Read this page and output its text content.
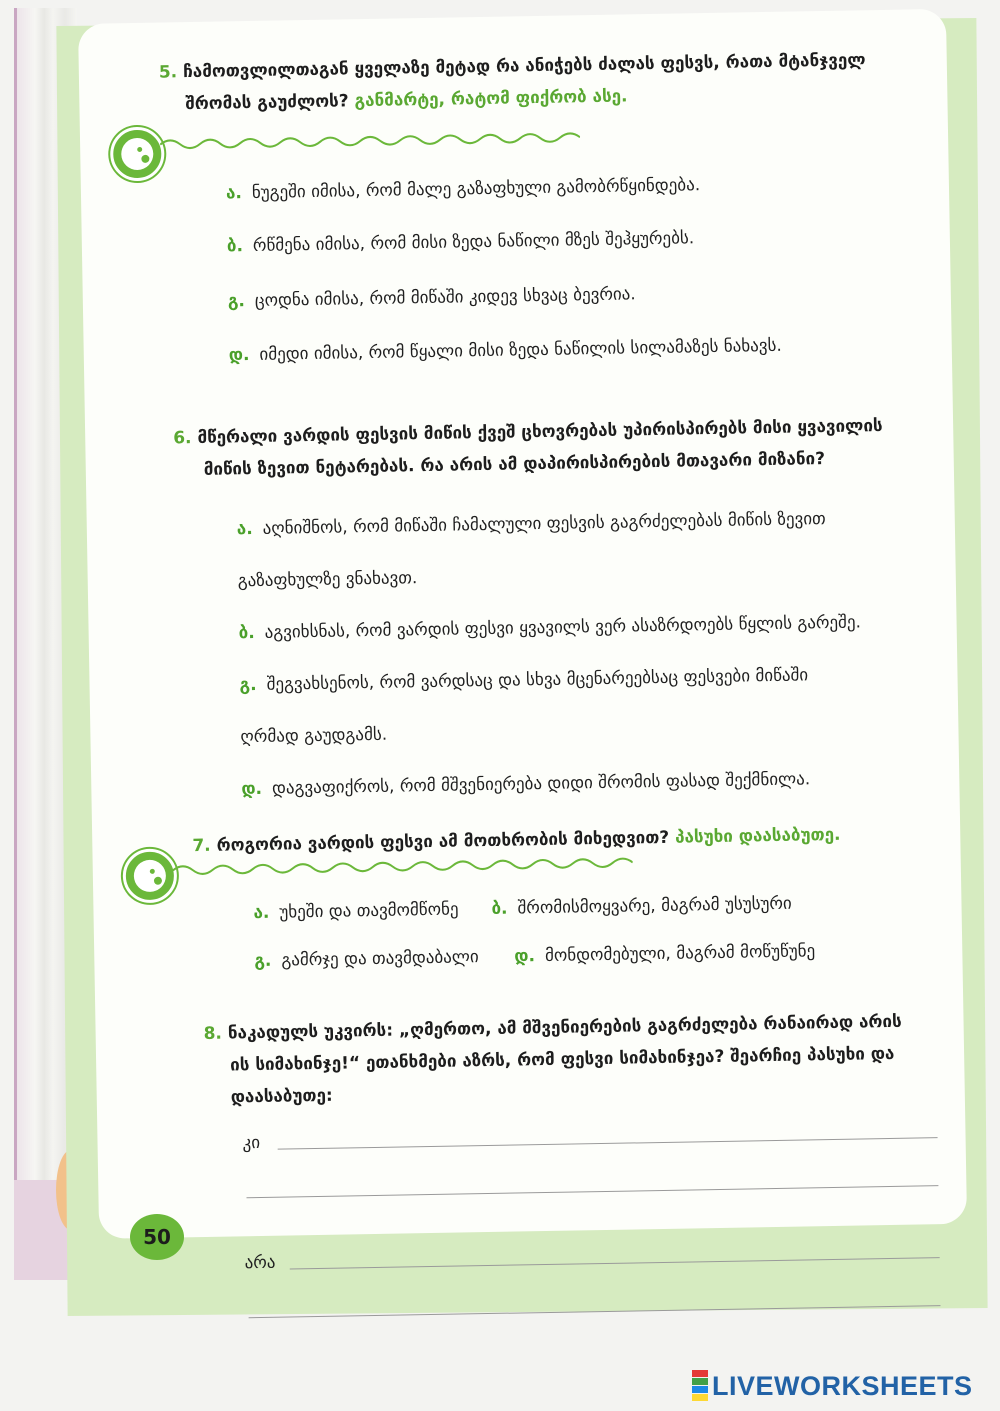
5. ჩამოთვლილთაგან ყველაზე მეტად რა ანიჭებს ძალას ფესვს, რათა მტანჯველ
შრომას გაუძლოს? განმარტე, რატომ ფიქრობ ასე.
ა. ნუგეში იმისა, რომ მალე გაზაფხული გამობრწყინდება.
ბ. რწმენა იმისა, რომ მისი ზედა ნაწილი მზეს შეჰყურებს.
გ. ცოდნა იმისა, რომ მიწაში კიდევ სხვაც ბევრია.
დ. იმედი იმისა, რომ წყალი მისი ზედა ნაწილის სილამაზეს ნახავს.
6. მწერალი ვარდის ფესვის მიწის ქვეშ ცხოვრებას უპირისპირებს მისი ყვავილის
მიწის ზევით ნეტარებას. რა არის ამ დაპირისპირების მთავარი მიზანი?
ა. აღნიშნოს, რომ მიწაში ჩამალული ფესვის გაგრძელებას მიწის ზევით
გაზაფხულზე ვნახავთ.
ბ. აგვიხსნას, რომ ვარდის ფესვი ყვავილს ვერ ასაზრდოებს წყლის გარეშე.
გ. შეგვახსენოს, რომ ვარდსაც და სხვა მცენარეებსაც ფესვები მიწაში
ღრმად გაუდგამს.
დ. დაგვაფიქროს, რომ მშვენიერება დიდი შრომის ფასად შექმნილა.
7. როგორია ვარდის ფესვი ამ მოთხრობის მიხედვით? პასუხი დაასაბუთე.
ა. უხეში და თავმომწონე ბ. შრომისმოყვარე, მაგრამ უსუსური
გ. გამრჯე და თავმდაბალი დ. მონდომებული, მაგრამ მოწუწუნე
8. ნაკადულს უკვირს: „ღმერთო, ამ მშვენიერების გაგრძელება რანაირად არის
ის სიმახინჯე!“ ეთანხმები აზრს, რომ ფესვი სიმახინჯეა? შეარჩიე პასუხი და
დაასაბუთე:
კი
არა
50
LIVEWORKSHEETS
